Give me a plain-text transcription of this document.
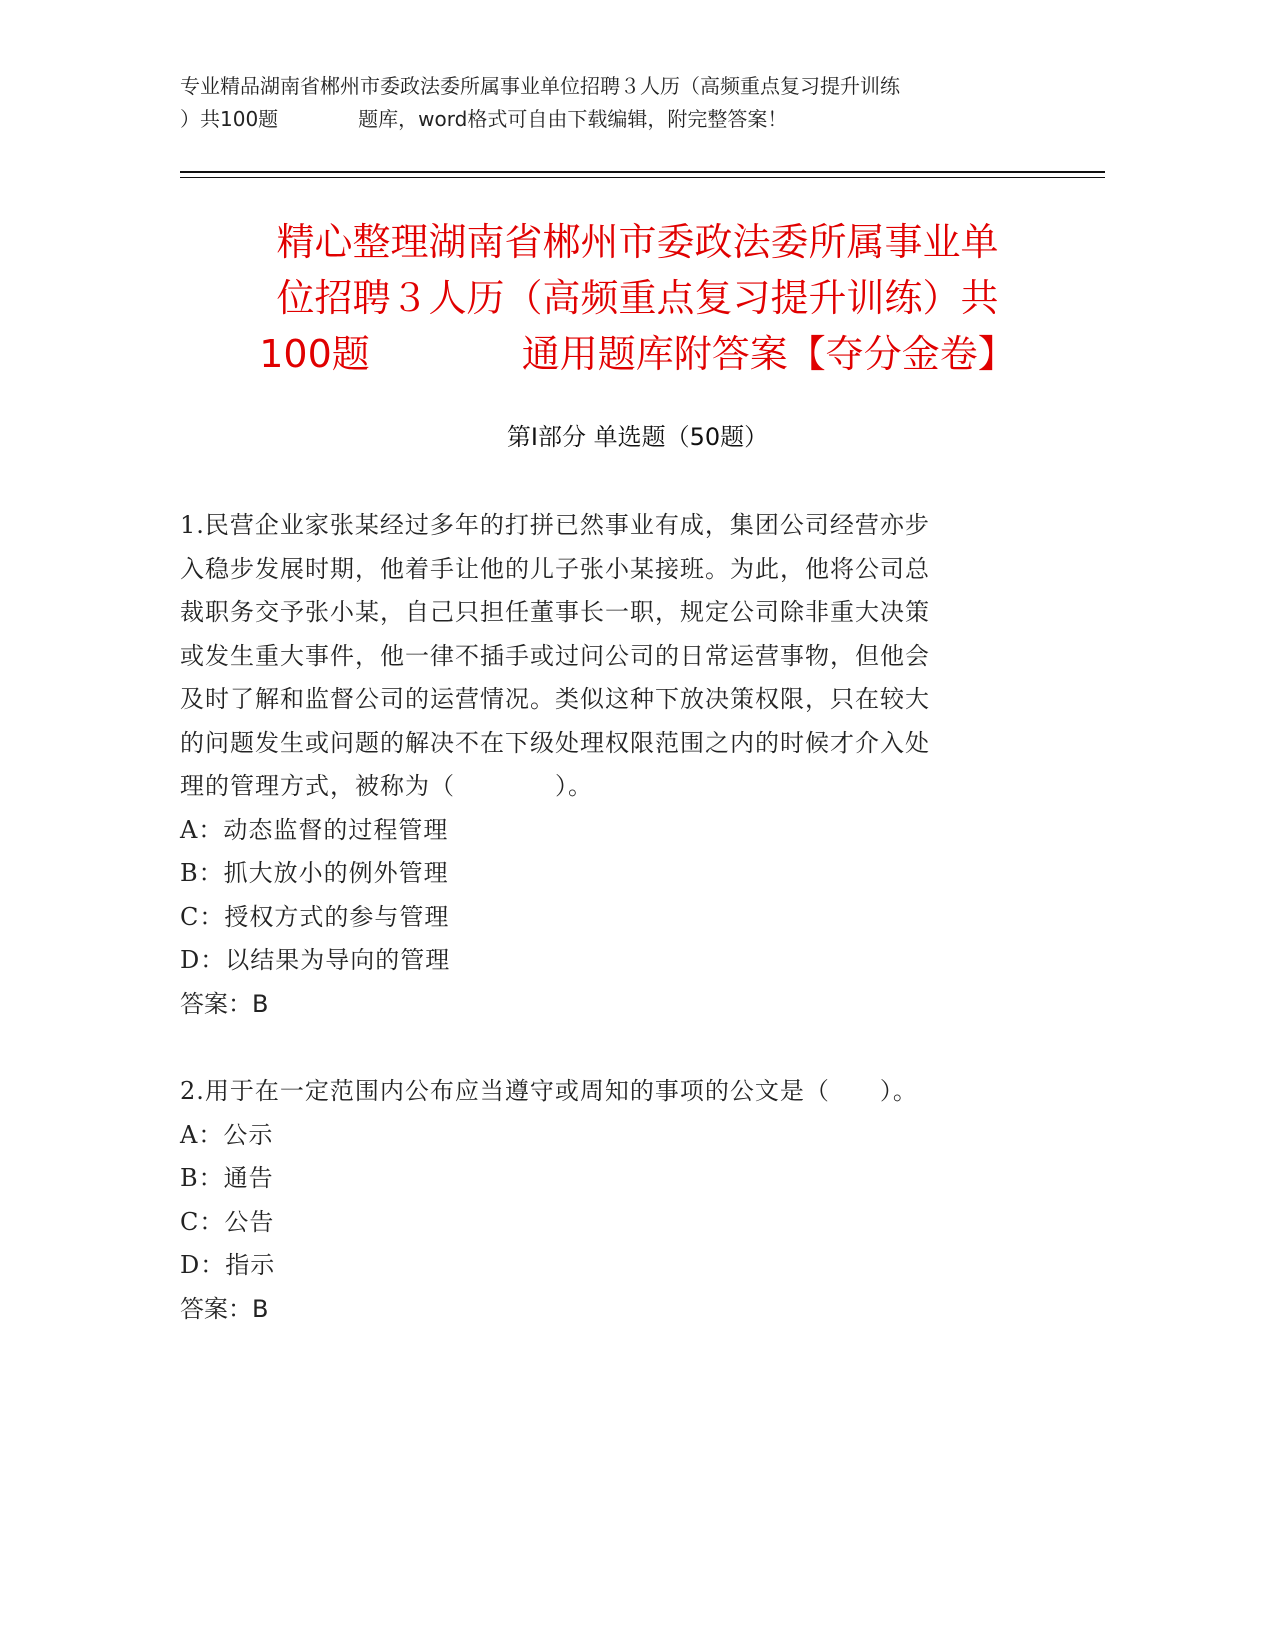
专业精品湖南省郴州市委政法委所属事业单位招聘３人历（高频重点复习提升训练
）共100题　　　　题库，word格式可自由下载编辑，附完整答案！
精心整理湖南省郴州市委政法委所属事业单
位招聘３人历（高频重点复习提升训练）共
100题　　　　通用题库附答案【夺分金卷】
第Ⅰ部分 单选题（50题）
1.民营企业家张某经过多年的打拼已然事业有成，集团公司经营亦步
入稳步发展时期，他着手让他的儿子张小某接班。为此，他将公司总
裁职务交予张小某，自己只担任董事长一职，规定公司除非重大决策
或发生重大事件，他一律不插手或过问公司的日常运营事物，但他会
及时了解和监督公司的运营情况。类似这种下放决策权限，只在较大
的问题发生或问题的解决不在下级处理权限范围之内的时候才介入处
理的管理方式，被称为（　　　　）。
A：动态监督的过程管理
B：抓大放小的例外管理
C：授权方式的参与管理
D：以结果为导向的管理
答案：B
2.用于在一定范围内公布应当遵守或周知的事项的公文是（　　）。
A：公示
B：通告
C：公告
D：指示
答案：B
